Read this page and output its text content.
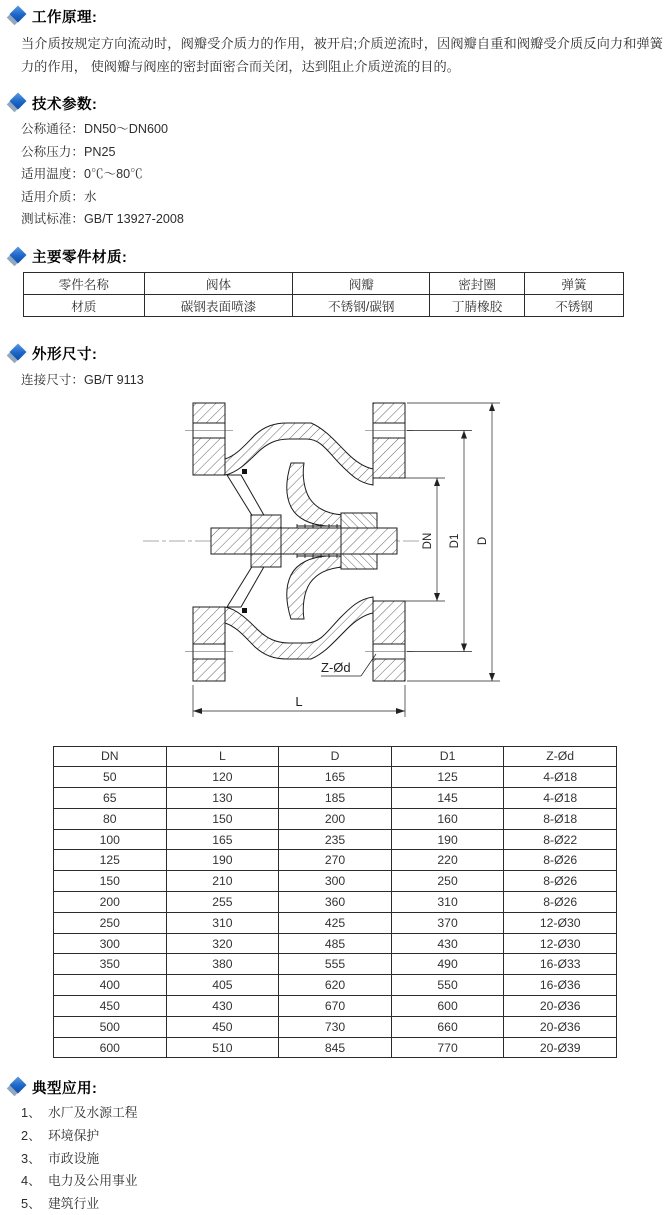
工作原理:

当介质按规定方向流动时，阀瓣受介质力的作用，被开启;介质逆流时，因阀瓣自重和阀瓣受介质反向力和弹簧力的作用， 使阀瓣与阀座的密封面密合而关闭，达到阻止介质逆流的目的。

技术参数:
公称通径：DN50～DN600
公称压力：PN25
适用温度：0℃～80℃
适用介质：水
测试标准：GB/T 13927-2008
主要零件材质:
零件名称	阀体	阀瓣	密封圈	弹簧
材质	碳钢表面喷漆	不锈钢/碳钢	丁腈橡胶	不锈钢
外形尺寸:
连接尺寸：GB/T 9113
DN D1 D
L
Z-Ød
DN	L	D	D1	Z-Ød
50	120	165	125	4-Ø18
65	130	185	145	4-Ø18
80	150	200	160	8-Ø18
100	165	235	190	8-Ø22
125	190	270	220	8-Ø26
150	210	300	250	8-Ø26
200	255	360	310	8-Ø26
250	310	425	370	12-Ø30
300	320	485	430	12-Ø30
350	380	555	490	16-Ø33
400	405	620	550	16-Ø36
450	430	670	600	20-Ø36
500	450	730	660	20-Ø36
600	510	845	770	20-Ø39
典型应用:
1、 水厂及水源工程
2、 环境保护
3、 市政设施
4、 电力及公用事业
5、 建筑行业
